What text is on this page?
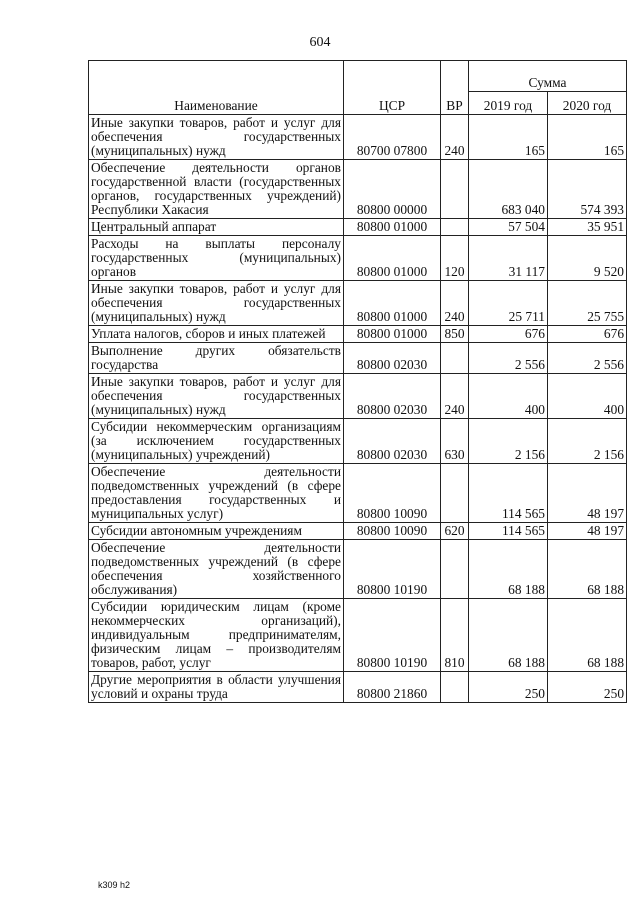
604
Наименование	ЦСР	ВР	Сумма	
			2019 год	2020 год
Иные закупки товаров, работ и услуг для обеспечения государственных (муниципальных) нужд	80700 07800	240	165	165
Обеспечение деятельности органов государственной власти (государственных органов, государственных учреждений) Республики Хакасия	80800 00000		683 040	574 393
Центральный аппарат	80800 01000		57 504	35 951
Расходы на выплаты персоналу государственных (муниципальных) органов	80800 01000	120	31 117	9 520
Иные закупки товаров, работ и услуг для обеспечения государственных (муниципальных) нужд	80800 01000	240	25 711	25 755
Уплата налогов, сборов и иных платежей	80800 01000	850	676	676
Выполнение других обязательств государства	80800 02030		2 556	2 556
Иные закупки товаров, работ и услуг для обеспечения государственных (муниципальных) нужд	80800 02030	240	400	400
Субсидии некоммерческим организациям (за исключением государственных (муниципальных) учреждений)	80800 02030	630	2 156	2 156
Обеспечение деятельности подведомственных учреждений (в сфере предоставления государственных и муниципальных услуг)	80800 10090		114 565	48 197
Субсидии автономным учреждениям	80800 10090	620	114 565	48 197
Обеспечение деятельности подведомственных учреждений (в сфере обеспечения хозяйственного обслуживания)	80800 10190		68 188	68 188
Субсидии юридическим лицам (кроме некоммерческих организаций), индивидуальным предпринимателям, физическим лицам – производителям товаров, работ, услуг	80800 10190	810	68 188	68 188
Другие мероприятия в области улучшения условий и охраны труда	80800 21860		250	250
k309 h2
